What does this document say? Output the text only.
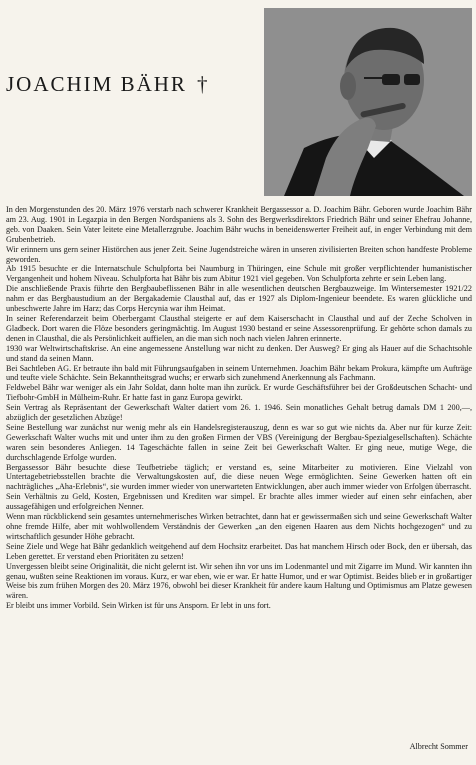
JOACHIM BÄHR †

In den Morgenstunden des 20. März 1976 verstarb nach schwerer Krankheit Bergassessor a. D. Joachim Bähr. Geboren wurde Joachim Bähr am 23. Aug. 1901 in Legazpia in den Bergen Nordspaniens als 3. Sohn des Bergwerksdirektors Friedrich Bähr und seiner Ehefrau Johanne, geb. von Daaken. Sein Vater leitete eine Metallerzgrube. Joachim Bähr wuchs in beneidenswerter Freiheit auf, in enger Verbindung mit dem Grubenbetrieb.

Wir erinnern uns gern seiner Histörchen aus jener Zeit. Seine Jugendstreiche wären in unseren zivilisierten Breiten schon handfeste Probleme geworden.

Ab 1915 besuchte er die Internatschule Schulpforta bei Naumburg in Thüringen, eine Schule mit großer verpflichtender humanistischer Vergangenheit und hohem Niveau. Schulpforta hat Bähr bis zum Abitur 1921 viel gegeben. Von Schulpforta zehrte er sein Leben lang.

Die anschließende Praxis führte den Bergbaubeflissenen Bähr in alle wesentlichen deutschen Bergbauzweige. Im Wintersemester 1921/22 nahm er das Bergbaustudium an der Bergakademie Clausthal auf, das er 1927 als Diplom-Ingenieur beendete. Es waren glückliche und unbeschwerte Jahre im Harz; das Corps Hercynia war ihm Heimat.

In seiner Referendarzeit beim Oberbergamt Clausthal steigerte er auf dem Kaiserschacht in Clausthal und auf der Zeche Scholven in Gladbeck. Dort waren die Flöze besonders geringmächtig. Im August 1930 bestand er seine Assessorenprüfung. Er gehörte schon damals zu denen in Clausthal, die als Persönlichkeit auffielen, an die man sich noch nach vielen Jahren erinnerte.

1930 war Weltwirtschaftskrise. An eine angemessene Anstellung war nicht zu denken. Der Ausweg? Er ging als Hauer auf die Schachtsohle und stand da seinen Mann.

Bei Sachtleben AG. Er betraute ihn bald mit Führungsaufgaben in seinem Unternehmen. Joachim Bähr bekam Prokura, kämpfte um Aufträge und teufte viele Schächte. Sein Bekanntheitsgrad wuchs; er erwarb sich zunehmend Anerkennung als Fachmann.

Feldwebel Bähr war weniger als ein Jahr Soldat, dann holte man ihn zurück. Er wurde Geschäftsführer bei der Großdeutschen Schacht- und Tiefbohr-GmbH in Mülheim-Ruhr. Er hatte fast in ganz Europa gewirkt.

Sein Vertrag als Repräsentant der Gewerkschaft Walter datiert vom 26. 1. 1946. Sein monatliches Gehalt betrug damals DM 1 200,—, abzüglich der gesetzlichen Abzüge!

Seine Bestellung war zunächst nur wenig mehr als ein Handelsregisterauszug, denn es war so gut wie nichts da. Aber nur für kurze Zeit: Gewerkschaft Walter wuchs mit und unter ihm zu den großen Firmen der VBS (Vereinigung der Bergbau-Spezialgesellschaften). Schächte waren sein besonderes Anliegen. 14 Tageschächte fallen in seine Zeit bei Gewerkschaft Walter. Er ging neue, mutige Wege, die durchschlagende Erfolge wurden.

Bergassessor Bähr besuchte diese Teufbetriebe täglich; er verstand es, seine Mitarbeiter zu motivieren. Eine Vielzahl von Untertagebetriebsstellen brachte die Verwaltungskosten auf, die diese neuen Wege ermöglichten. Seine Gewerken hatten oft ein nachträgliches „Aha-Erlebnis“, sie wurden immer wieder von unerwarteten Entwicklungen, aber auch immer wieder von Erfolgen überrascht.

Sein Verhältnis zu Geld, Kosten, Ergebnissen und Krediten war simpel. Er brachte alles immer wieder auf einen sehr einfachen, aber aussagefähigen und erfolgreichen Nenner.

Wenn man rückblickend sein gesamtes unternehmerisches Wirken betrachtet, dann hat er gewissermaßen sich und seine Gewerkschaft Walter ohne fremde Hilfe, aber mit wohlwollendem Verständnis der Gewerken „an den eigenen Haaren aus dem Nichts hochgezogen“ und zu wirtschaftlich gesunder Höhe gebracht.

Seine Ziele und Wege hat Bähr gedanklich weitgehend auf dem Hochsitz erarbeitet. Das hat manchem Hirsch oder Bock, den er übersah, das Leben gerettet. Er verstand eben Prioritäten zu setzen!

Unvergessen bleibt seine Originalität, die nicht gelernt ist. Wir sehen ihn vor uns im Lodenmantel und mit Zigarre im Mund. Wir kannten ihn genau, wußten seine Reaktionen im voraus. Kurz, er war eben, wie er war. Er hatte Humor, und er war Optimist. Beides blieb er in großartiger Weise bis zum frühen Morgen des 20. März 1976, obwohl bei dieser Krankheit für andere kaum Haltung und Optimismus am Platze gewesen wären.

Er bleibt uns immer Vorbild. Sein Wirken ist für uns Ansporn. Er lebt in uns fort.

Albrecht Sommer
